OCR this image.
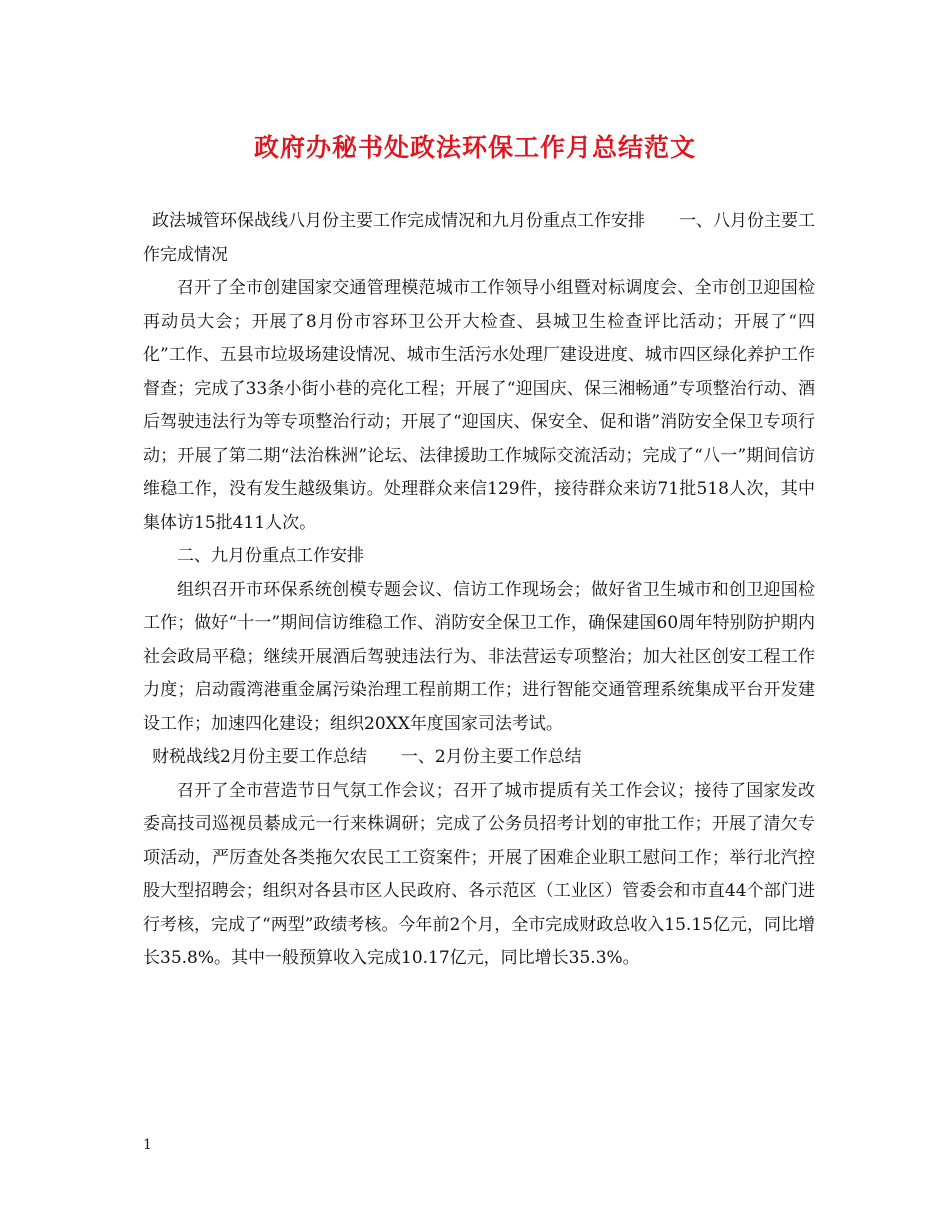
政府办秘书处政法环保工作月总结范文

政法城管环保战线八月份主要工作完成情况和九月份重点工作安排 一、八月份主要工作完成情况

召开了全市创建国家交通管理模范城市工作领导小组暨对标调度会、全市创卫迎国检再动员大会；开展了8月份市容环卫公开大检查、县城卫生检查评比活动；开展了“四化”工作、五县市垃圾场建设情况、城市生活污水处理厂建设进度、城市四区绿化养护工作督查；完成了33条小街小巷的亮化工程；开展了“迎国庆、保三湘畅通”专项整治行动、酒后驾驶违法行为等专项整治行动；开展了“迎国庆、保安全、促和谐”消防安全保卫专项行动；开展了第二期“法治株洲”论坛、法律援助工作城际交流活动；完成了“八一”期间信访维稳工作，没有发生越级集访。处理群众来信129件，接待群众来访71批518人次，其中集体访15批411人次。

二、九月份重点工作安排

组织召开市环保系统创模专题会议、信访工作现场会；做好省卫生城市和创卫迎国检工作；做好“十一”期间信访维稳工作、消防安全保卫工作，确保建国60周年特别防护期内社会政局平稳；继续开展酒后驾驶违法行为、非法营运专项整治；加大社区创安工程工作力度；启动霞湾港重金属污染治理工程前期工作；进行智能交通管理系统集成平台开发建设工作；加速四化建设；组织20XX年度国家司法考试。

财税战线2月份主要工作总结 一、2月份主要工作总结

召开了全市营造节日气氛工作会议；召开了城市提质有关工作会议；接待了国家发改委高技司巡视员綦成元一行来株调研；完成了公务员招考计划的审批工作；开展了清欠专项活动，严厉查处各类拖欠农民工工资案件；开展了困难企业职工慰问工作；举行北汽控股大型招聘会；组织对各县市区人民政府、各示范区（工业区）管委会和市直44个部门进行考核，完成了“两型”政绩考核。今年前2个月，全市完成财政总收入15.15亿元，同比增长35.8%。其中一般预算收入完成10.17亿元，同比增长35.3%。

1
